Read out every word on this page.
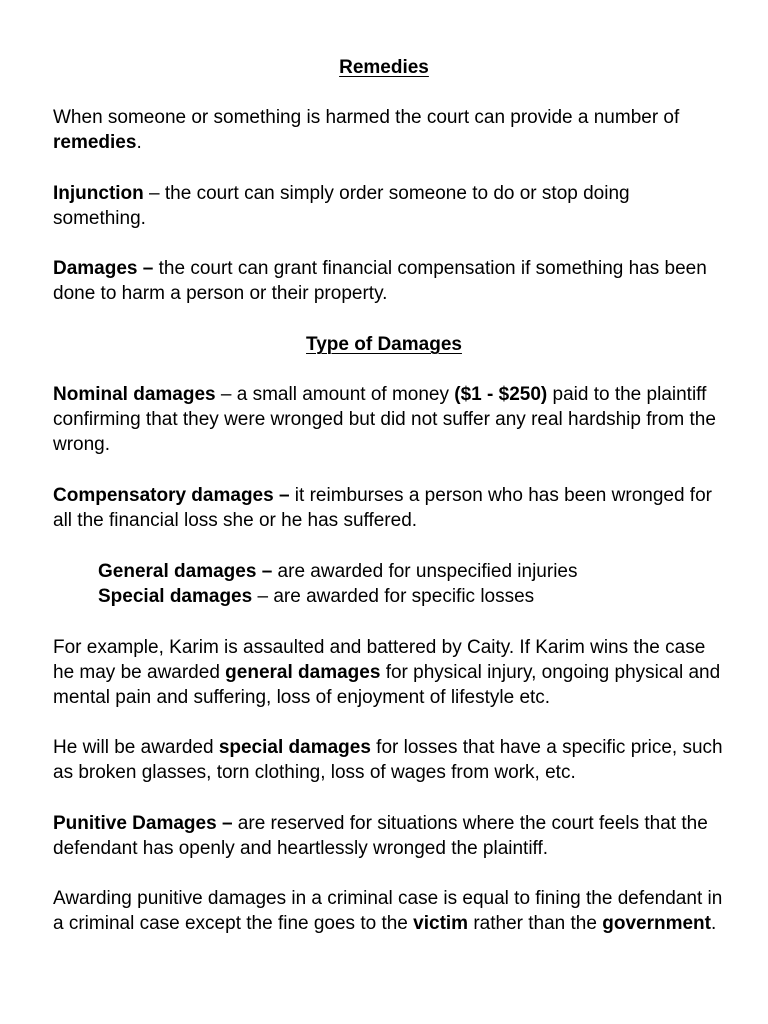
Remedies

When someone or something is harmed the court can provide a number of remedies.

Injunction – the court can simply order someone to do or stop doing something.

Damages – the court can grant financial compensation if something has been done to harm a person or their property.

Type of Damages

Nominal damages – a small amount of money ($1 - $250) paid to the plaintiff confirming that they were wronged but did not suffer any real hardship from the wrong.

Compensatory damages – it reimburses a person who has been wronged for all the financial loss she or he has suffered.

General damages – are awarded for unspecified injuries

Special damages – are awarded for specific losses

For example, Karim is assaulted and battered by Caity. If Karim wins the case he may be awarded general damages for physical injury, ongoing physical and mental pain and suffering, loss of enjoyment of lifestyle etc.

He will be awarded special damages for losses that have a specific price, such as broken glasses, torn clothing, loss of wages from work, etc.

Punitive Damages – are reserved for situations where the court feels that the defendant has openly and heartlessly wronged the plaintiff.

Awarding punitive damages in a criminal case is equal to fining the defendant in a criminal case except the fine goes to the victim rather than the government.
